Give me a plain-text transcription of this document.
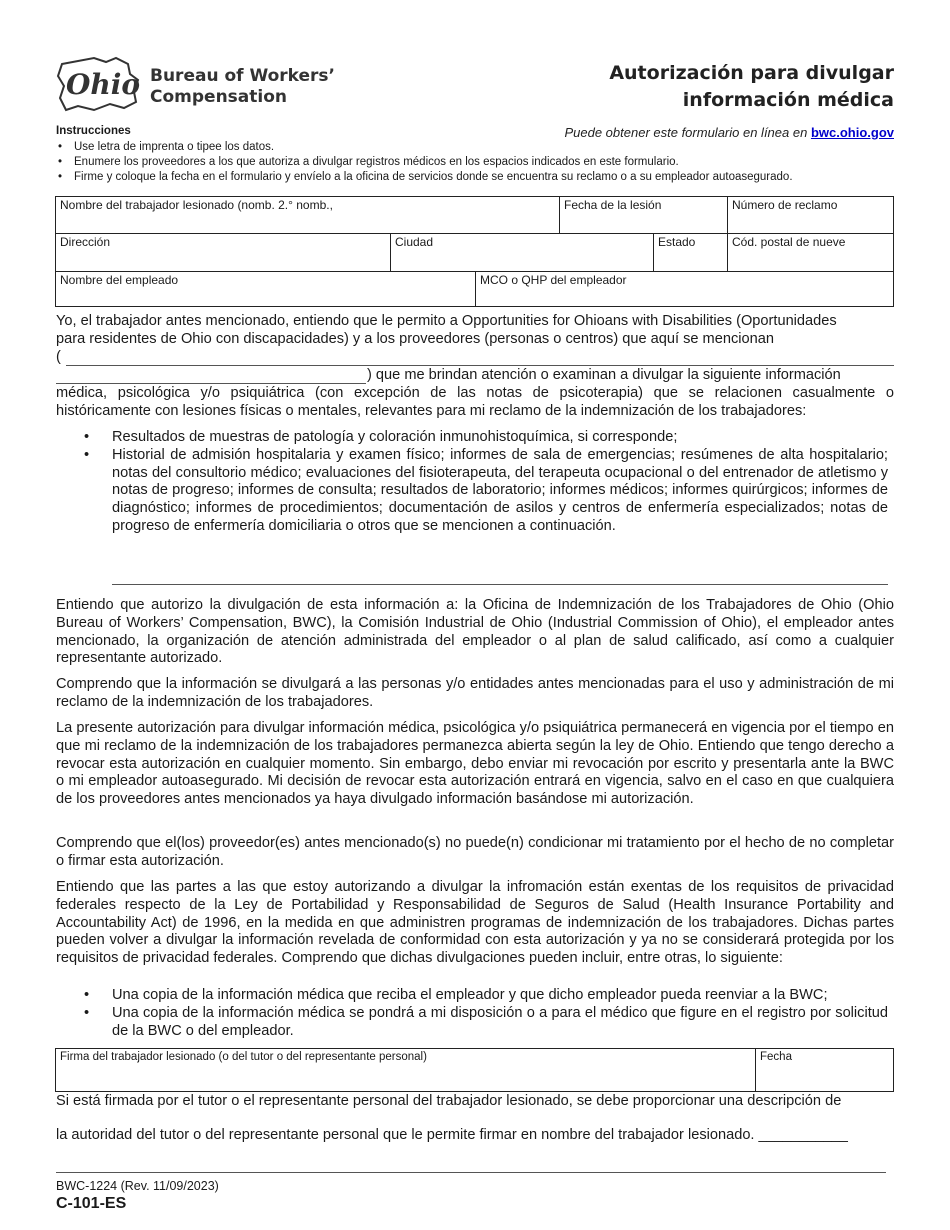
Ohio Bureau of Workers’
Compensation
Autorización para divulgar
información médica
Puede obtener este formulario en línea en bwc.ohio.gov
Instrucciones
• Use letra de imprenta o tipee los datos.
• Enumere los proveedores a los que autoriza a divulgar registros médicos en los espacios indicados en este formulario.
• Firme y coloque la fecha en el formulario y envíelo a la oficina de servicios donde se encuentra su reclamo o a su empleador autoasegurado.
Nombre del trabajador lesionado (nomb. 2.° nomb.,	Fecha de la lesión	Número de reclamo
Dirección	Ciudad	Estado	Cód. postal de nueve
Nombre del empleado	MCO o QHP del empleador

Yo, el trabajador antes mencionado, entiendo que le permito a Opportunities for Ohioans with Disabilities (Oportunidades

para residentes de Ohio con discapacidades) y a los proveedores (personas o centros) que aquí se mencionan

(
) que me brindan atención o examinan a divulgar la siguiente información

médica, psicológica y/o psiquiátrica (con excepción de las notas de psicoterapia) que se relacionen casualmente o históricamente con lesiones físicas o mentales, relevantes para mi reclamo de la indemnización de los trabajadores:

• Resultados de muestras de patología y coloración inmunohistoquímica, si corresponde;
• Historial de admisión hospitalaria y examen físico; informes de sala de emergencias; resúmenes de alta hospitalario; notas del consultorio médico; evaluaciones del fisioterapeuta, del terapeuta ocupacional o del entrenador de atletismo y notas de progreso; informes de consulta; resultados de laboratorio; informes médicos; informes quirúrgicos; informes de diagnóstico; informes de procedimientos; documentación de asilos y centros de enfermería especializados; notas de progreso de enfermería domiciliaria o otros que se mencionen a continuación.

Entiendo que autorizo la divulgación de esta información a: la Oficina de Indemnización de los Trabajadores de Ohio (Ohio Bureau of Workers’ Compensation, BWC), la Comisión Industrial de Ohio (Industrial Commission of Ohio), el empleador antes mencionado, la organización de atención administrada del empleador o al plan de salud calificado, así como a cualquier representante autorizado.

Comprendo que la información se divulgará a las personas y/o entidades antes mencionadas para el uso y administración de mi reclamo de la indemnización de los trabajadores.

La presente autorización para divulgar información médica, psicológica y/o psiquiátrica permanecerá en vigencia por el tiempo en que mi reclamo de la indemnización de los trabajadores permanezca abierta según la ley de Ohio. Entiendo que tengo derecho a revocar esta autorización en cualquier momento. Sin embargo, debo enviar mi revocación por escrito y presentarla ante la BWC o mi empleador autoasegurado. Mi decisión de revocar esta autorización entrará en vigencia, salvo en el caso en que cualquiera de los proveedores antes mencionados ya haya divulgado información basándose mi autorización.

Comprendo que el(los) proveedor(es) antes mencionado(s) no puede(n) condicionar mi tratamiento por el hecho de no completar o firmar esta autorización.

Entiendo que las partes a las que estoy autorizando a divulgar la infromación están exentas de los requisitos de privacidad federales respecto de la Ley de Portabilidad y Responsabilidad de Seguros de Salud (Health Insurance Portability and Accountability Act) de 1996, en la medida en que administren programas de indemnización de los trabajadores. Dichas partes pueden volver a divulgar la información revelada de conformidad con esta autorización y ya no se considerará protegida por los requisitos de privacidad federales. Comprendo que dichas divulgaciones pueden incluir, entre otras, lo siguiente:

• Una copia de la información médica que reciba el empleador y que dicho empleador pueda reenviar a la BWC;
• Una copia de la información médica se pondrá a mi disposición o a para el médico que figure en el registro por solicitud de la BWC o del empleador.
Firma del trabajador lesionado (o del tutor o del representante personal)	Fecha
Si está firmada por el tutor o el representante personal del trabajador lesionado, se debe proporcionar una descripción de
la autoridad del tutor o del representante personal que le permite firmar en nombre del trabajador lesionado. ___________
BWC-1224 (Rev. 11/09/2023)
C-101-ES
